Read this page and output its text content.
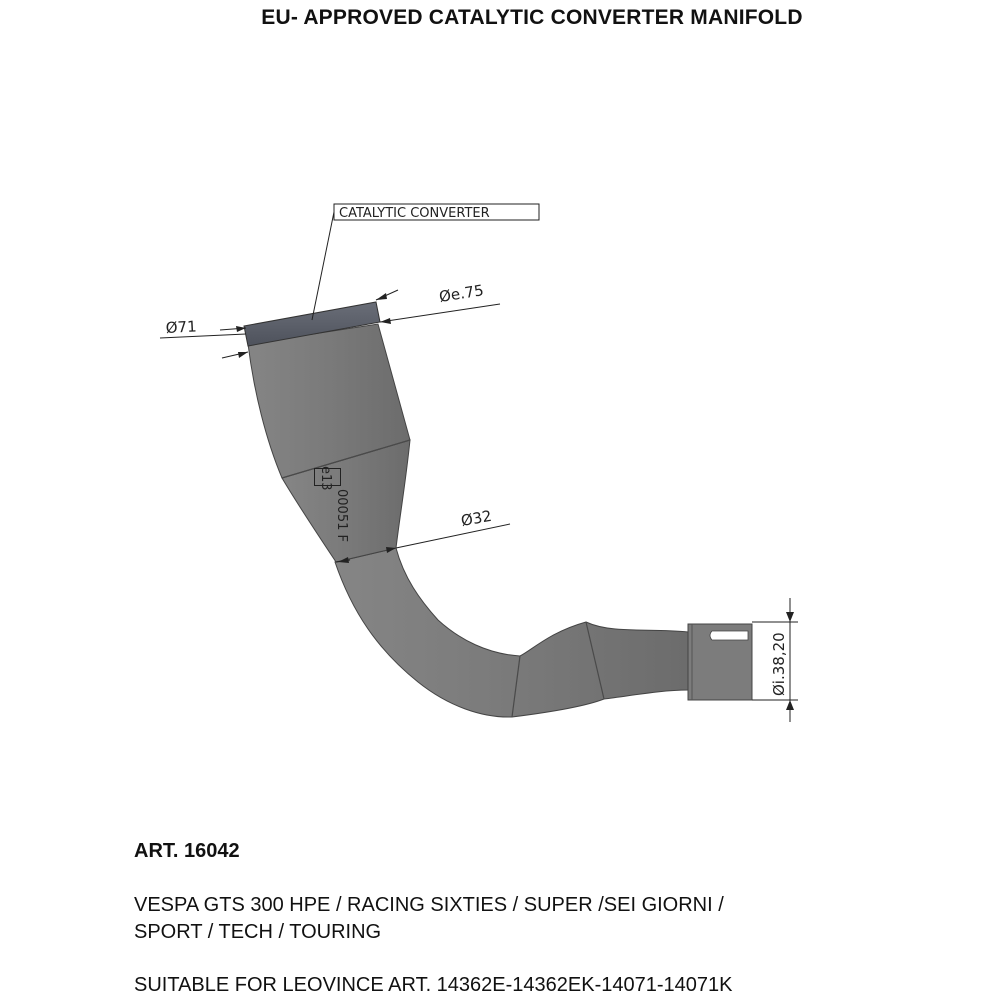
EU- APPROVED CATALYTIC CONVERTER MANIFOLD
e13
00051 F
CATALYTIC CONVERTER
Ø71
Øe.75
Ø32
Øi.38,20
ART. 16042
VESPA GTS 300 HPE / RACING SIXTIES / SUPER /SEI GIORNI /
SPORT / TECH / TOURING
SUITABLE FOR LEOVINCE ART. 14362E-14362EK-14071-14071K
